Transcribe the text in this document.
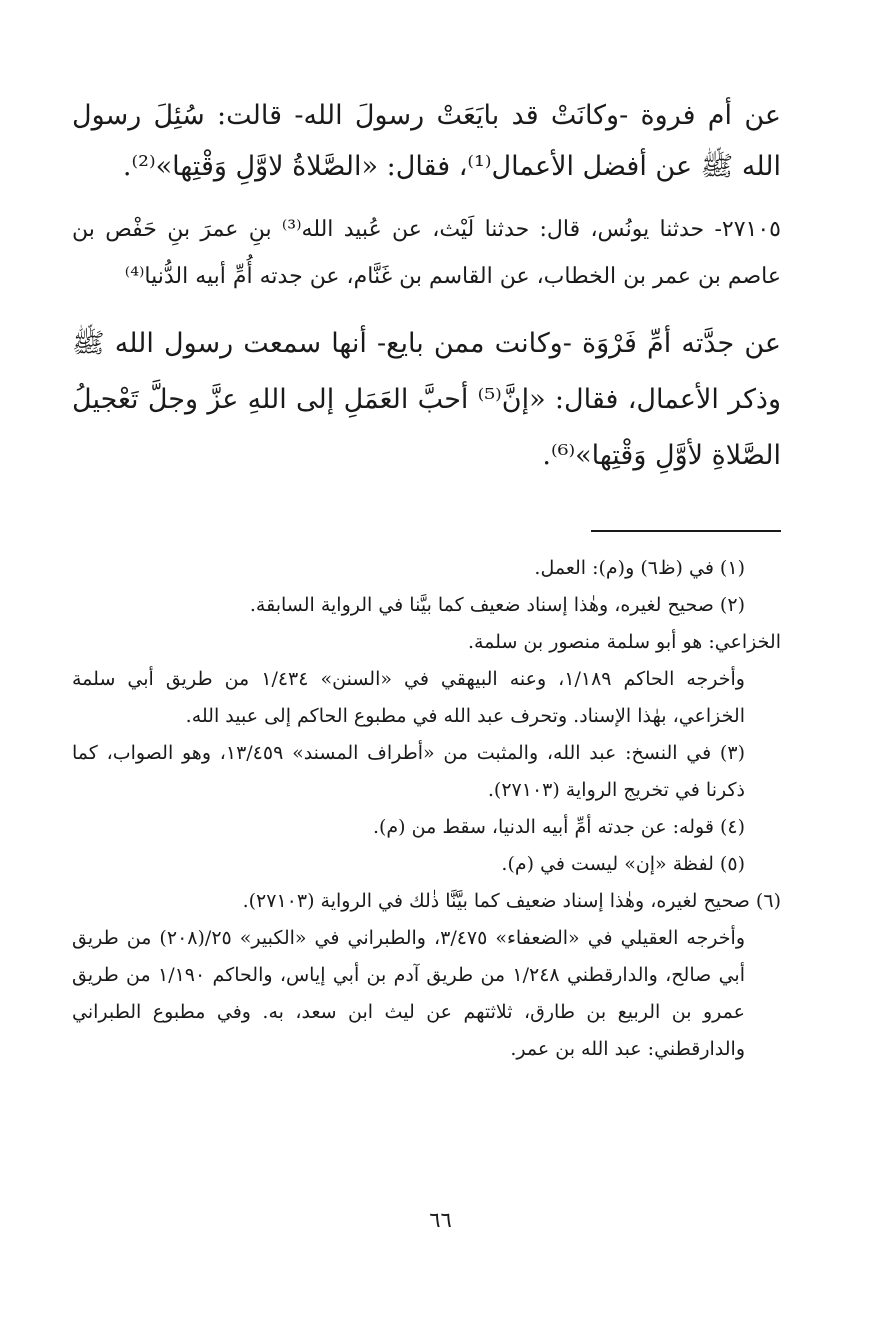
عن أم فروة -وكانَتْ قد بايَعَتْ رسولَ الله- قالت: سُئِلَ رسول الله ﷺ عن أفضل الأعمال⁽¹⁾، فقال: «الصَّلاةُ لاوَّلِ وَقْتِها»⁽²⁾.

٢٧١٠٥- حدثنا يونُس، قال: حدثنا لَيْث، عن عُبيد الله⁽³⁾ بنِ عمرَ بنِ حَفْص بن عاصم بن عمر بن الخطاب، عن القاسم بن غَنَّام، عن جدته أُمِّ أبيه الدُّنيا⁽⁴⁾

عن جدَّته أمِّ فَرْوَة -وكانت ممن بايع- أنها سمعت رسول الله ﷺ وذكر الأعمال، فقال: «إنَّ⁽⁵⁾ أحبَّ العَمَلِ إلى اللهِ عزَّ وجلَّ تَعْجيلُ الصَّلاةِ لأوَّلِ وَقْتِها»⁽⁶⁾.

(١) في (ظ٦) و(م): العمل.

(٢) صحيح لغيره، وهٰذا إسناد ضعيف كما بيَّنا في الرواية السابقة.

الخزاعي: هو أبو سلمة منصور بن سلمة.

وأخرجه الحاكم ١/١٨٩، وعنه البيهقي في «السنن» ١/٤٣٤ من طريق أبي سلمة الخزاعي، بهٰذا الإسناد. وتحرف عبد الله في مطبوع الحاكم إلى عبيد الله.

(٣) في النسخ: عبد الله، والمثبت من «أطراف المسند» ١٣/٤٥٩، وهو الصواب، كما ذكرنا في تخريج الرواية (٢٧١٠٣).

(٤) قوله: عن جدته أمِّ أبيه الدنيا، سقط من (م).

(٥) لفظة «إن» ليست في (م).

(٦) صحيح لغيره، وهٰذا إسناد ضعيف كما بيَّنَّا ذٰلك في الرواية (٢٧١٠٣).

وأخرجه العقيلي في «الضعفاء» ٣/٤٧٥، والطبراني في «الكبير» ٢٥/(٢٠٨) من طريق أبي صالح، والدارقطني ١/٢٤٨ من طريق آدم بن أبي إياس، والحاكم ١/١٩٠ من طريق عمرو بن الربيع بن طارق، ثلاثتهم عن ليث ابن سعد، به. وفي مطبوع الطبراني والدارقطني: عبد الله بن عمر.

٦٦
